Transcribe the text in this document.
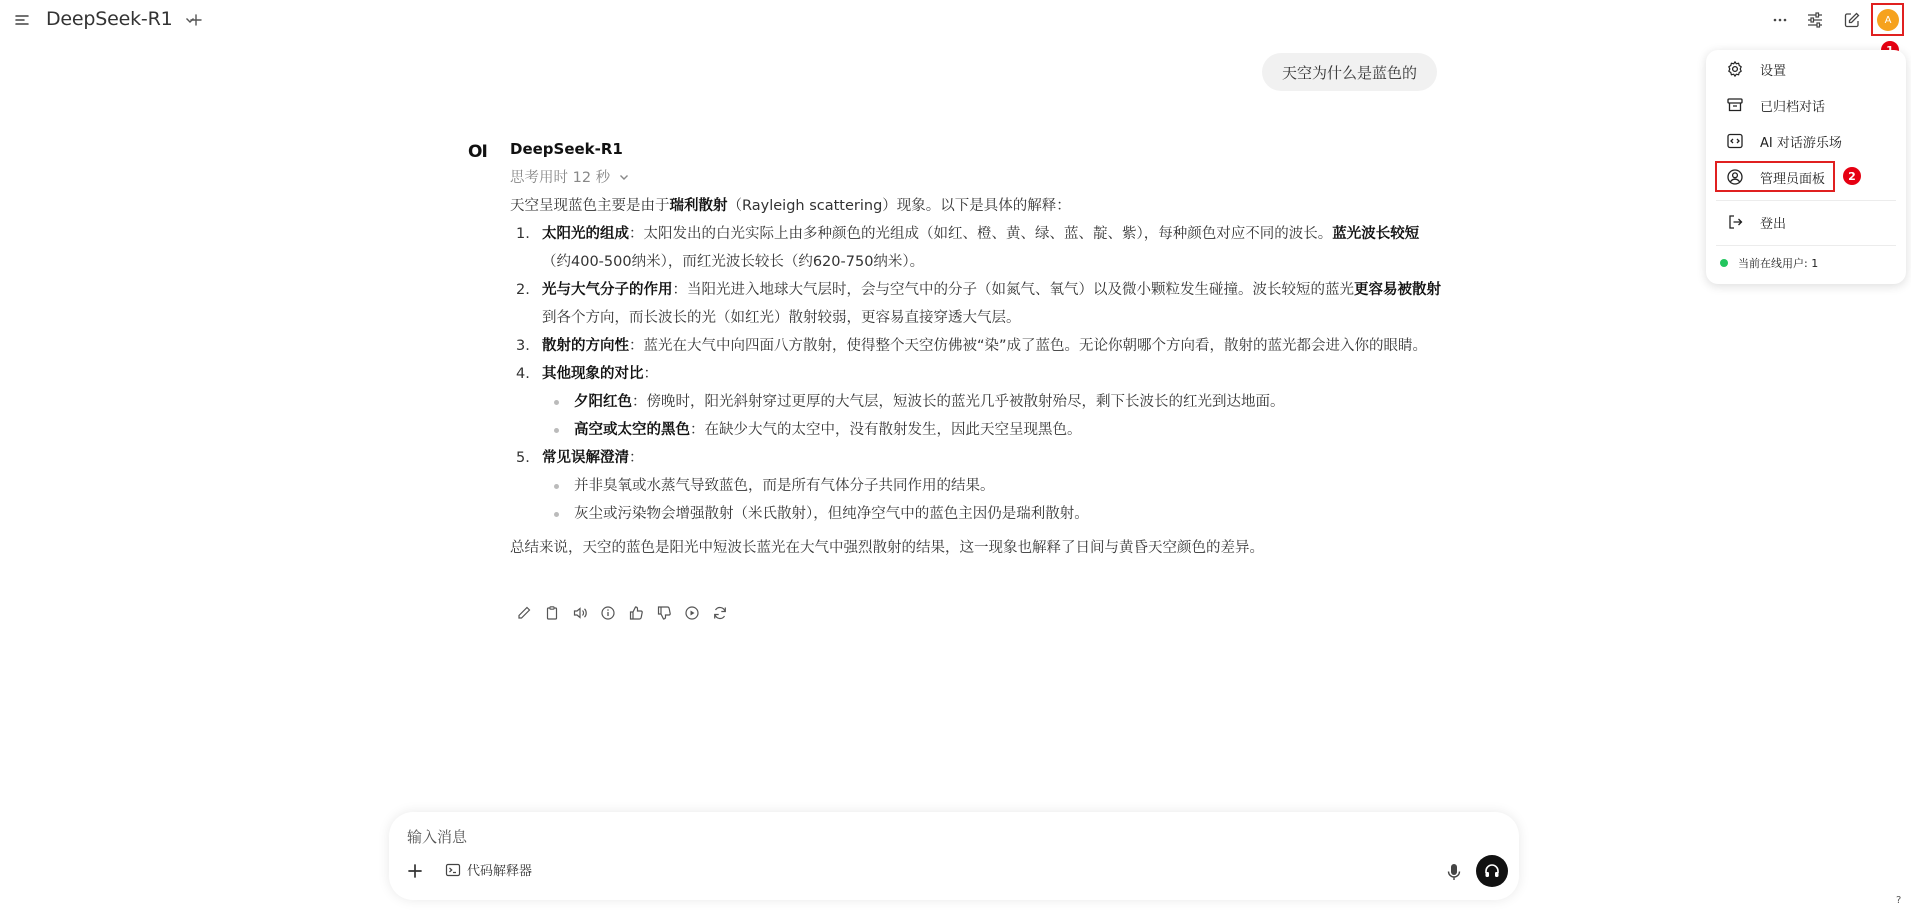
DeepSeek-R1	A
设置
已归档对话
AI 对话游乐场
管理员面板
登出
当前在线用户: 1
2
天空为什么是蓝色的
OI DeepSeek-R1
思考用时 12 秒
天空呈现蓝色主要是由于瑞利散射（Rayleigh scattering）现象。以下是具体的解释：
1. 太阳光的组成：太阳发出的白光实际上由多种颜色的光组成（如红、橙、黄、绿、蓝、靛、紫），每种颜色对应不同的波长。蓝光波长较短（约400-500纳米），而红光波长较长（约620-750纳米）。
2. 光与大气分子的作用：当阳光进入地球大气层时，会与空气中的分子（如氮气、氧气）以及微小颗粒发生碰撞。波长较短的蓝光更容易被散射到各个方向，而长波长的光（如红光）散射较弱，更容易直接穿透大气层。
3. 散射的方向性：蓝光在大气中向四面八方散射，使得整个天空仿佛被“染”成了蓝色。无论你朝哪个方向看，散射的蓝光都会进入你的眼睛。
4. 其他现象的对比：
夕阳红色：傍晚时，阳光斜射穿过更厚的大气层，短波长的蓝光几乎被散射殆尽，剩下长波长的红光到达地面。
高空或太空的黑色：在缺少大气的太空中，没有散射发生，因此天空呈现黑色。
5. 常见误解澄清：
并非臭氧或水蒸气导致蓝色，而是所有气体分子共同作用的结果。
灰尘或污染物会增强散射（米氏散射），但纯净空气中的蓝色主因仍是瑞利散射。
总结来说，天空的蓝色是阳光中短波长蓝光在大气中强烈散射的结果，这一现象也解释了日间与黄昏天空颜色的差异。
输入消息
代码解释器
?
